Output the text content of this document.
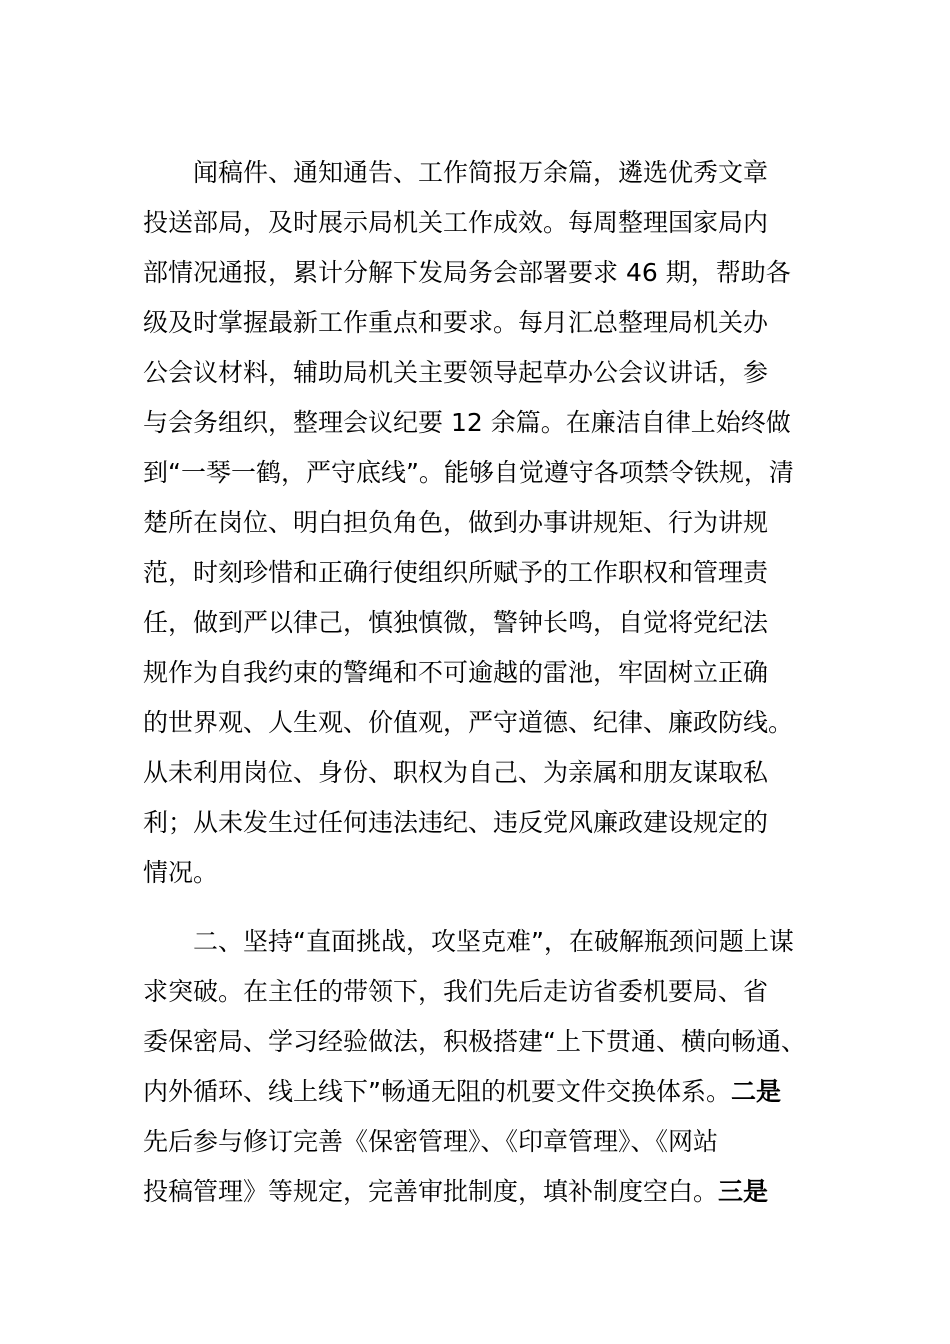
闻稿件、通知通告、工作简报万余篇，遴选优秀文章
投送部局，及时展示局机关工作成效。每周整理国家局内
部情况通报，累计分解下发局务会部署要求 46 期，帮助各
级及时掌握最新工作重点和要求。每月汇总整理局机关办
公会议材料，辅助局机关主要领导起草办公会议讲话，参
与会务组织，整理会议纪要 12 余篇。在廉洁自律上始终做
到“一琴一鹤，严守底线”。能够自觉遵守各项禁令铁规，清
楚所在岗位、明白担负角色，做到办事讲规矩、行为讲规
范，时刻珍惜和正确行使组织所赋予的工作职权和管理责
任，做到严以律己，慎独慎微，警钟长鸣，自觉将党纪法
规作为自我约束的警绳和不可逾越的雷池，牢固树立正确
的世界观、人生观、价值观，严守道德、纪律、廉政防线。
从未利用岗位、身份、职权为自己、为亲属和朋友谋取私
利；从未发生过任何违法违纪、违反党风廉政建设规定的
情况。
二、坚持“直面挑战，攻坚克难”，在破解瓶颈问题上谋
求突破。在主任的带领下，我们先后走访省委机要局、省
委保密局、学习经验做法，积极搭建“上下贯通、横向畅通、
内外循环、线上线下”畅通无阻的机要文件交换体系。二是
先后参与修订完善《保密管理》、《印章管理》、《网站
投稿管理》等规定，完善审批制度，填补制度空白。三是
